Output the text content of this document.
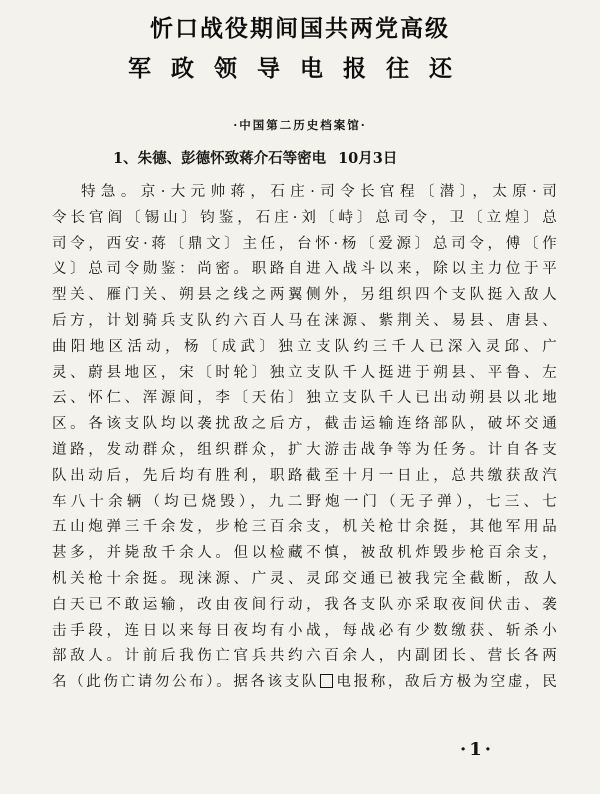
忻口战役期间国共两党高级
军政领导电报往还
·中国第二历史档案馆·
1、朱德、彭德怀致蒋介石等密电 10月3日
特急。京·大元帅蒋，石庄·司令长官程〔潜〕，太原·司
令长官阎〔锡山〕钧鉴，石庄·刘〔峙〕总司令，卫〔立煌〕总
司令，西安·蒋〔鼎文〕主任，台怀·杨〔爱源〕总司令，傅〔作
义〕总司令勋鉴：尚密。职路自进入战斗以来，除以主力位于平
型关、雁门关、朔县之线之两翼侧外，另组织四个支队挺入敌人
后方，计划骑兵支队约六百人马在涞源、紫荆关、易县、唐县、
曲阳地区活动，杨〔成武〕独立支队约三千人已深入灵邱、广
灵、蔚县地区，宋〔时轮〕独立支队千人挺进于朔县、平鲁、左
云、怀仁、浑源间，李〔天佑〕独立支队千人已出动朔县以北地
区。各该支队均以袭扰敌之后方，截击运输连络部队，破坏交通
道路，发动群众，组织群众，扩大游击战争等为任务。计自各支
队出动后，先后均有胜利，职路截至十月一日止，总共缴获敌汽
车八十余辆（均已烧毁），九二野炮一门（无子弹），七三、七
五山炮弹三千余发，步枪三百余支，机关枪廿余挺，其他军用品
甚多，并毙敌千余人。但以检藏不慎，被敌机炸毁步枪百余支，
机关枪十余挺。现涞源、广灵、灵邱交通已被我完全截断，敌人
白天已不敢运输，改由夜间行动，我各支队亦采取夜间伏击、袭
击手段，连日以来每日夜均有小战，每战必有少数缴获、斩杀小
部敌人。计前后我伤亡官兵共约六百余人，内副团长、营长各两
名（此伤亡请勿公布）。据各该支队 电报称，敌后方极为空虚，民
·1·
